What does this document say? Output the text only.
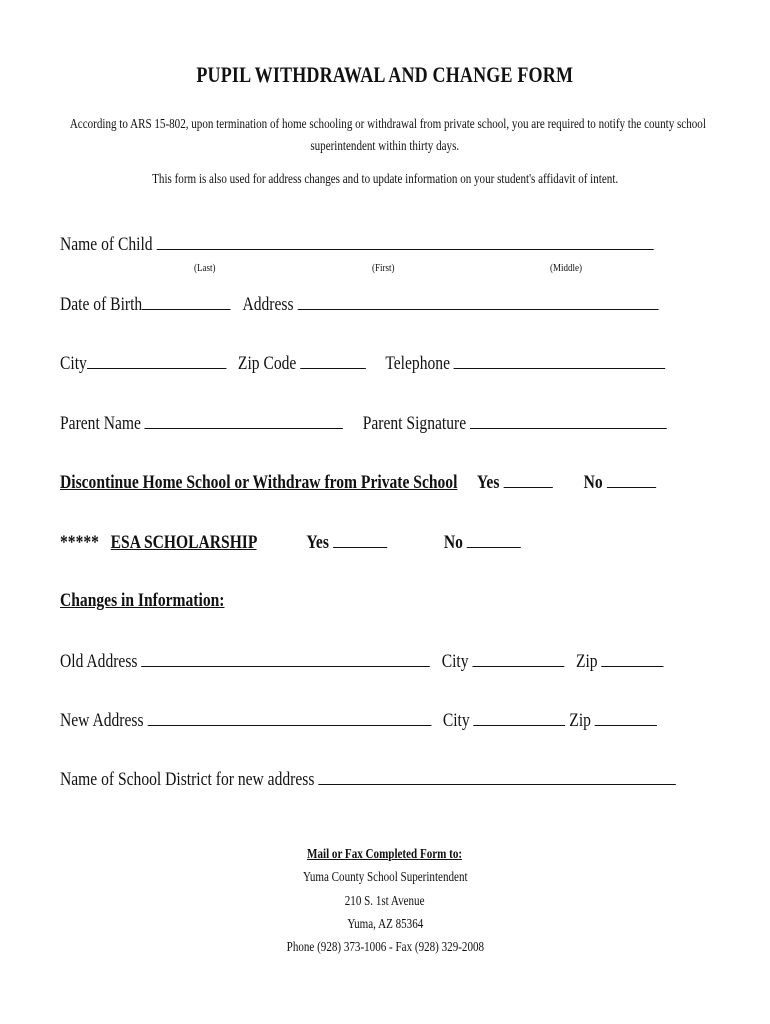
PUPIL WITHDRAWAL AND CHANGE FORM
According to ARS 15-802, upon termination of home schooling or withdrawal from private school, you are required to notify the county school
superintendent within thirty days.
This form is also used for address changes and to update information on your student's affidavit of intent.
Name of Child
(Last)	(First)	(Middle)
Date of Birth	Address
City	Zip Code	Telephone
Parent Name	Parent Signature
Discontinue Home School or Withdraw from Private School Yes	No
***** ESA SCHOLARSHIP	Yes	No
Changes in Information:
Old Address	City	Zip
New Address	City	Zip
Name of School District for new address
Mail or Fax Completed Form to:
Yuma County School Superintendent
210 S. 1st Avenue
Yuma, AZ 85364
Phone (928) 373-1006 - Fax (928) 329-2008
